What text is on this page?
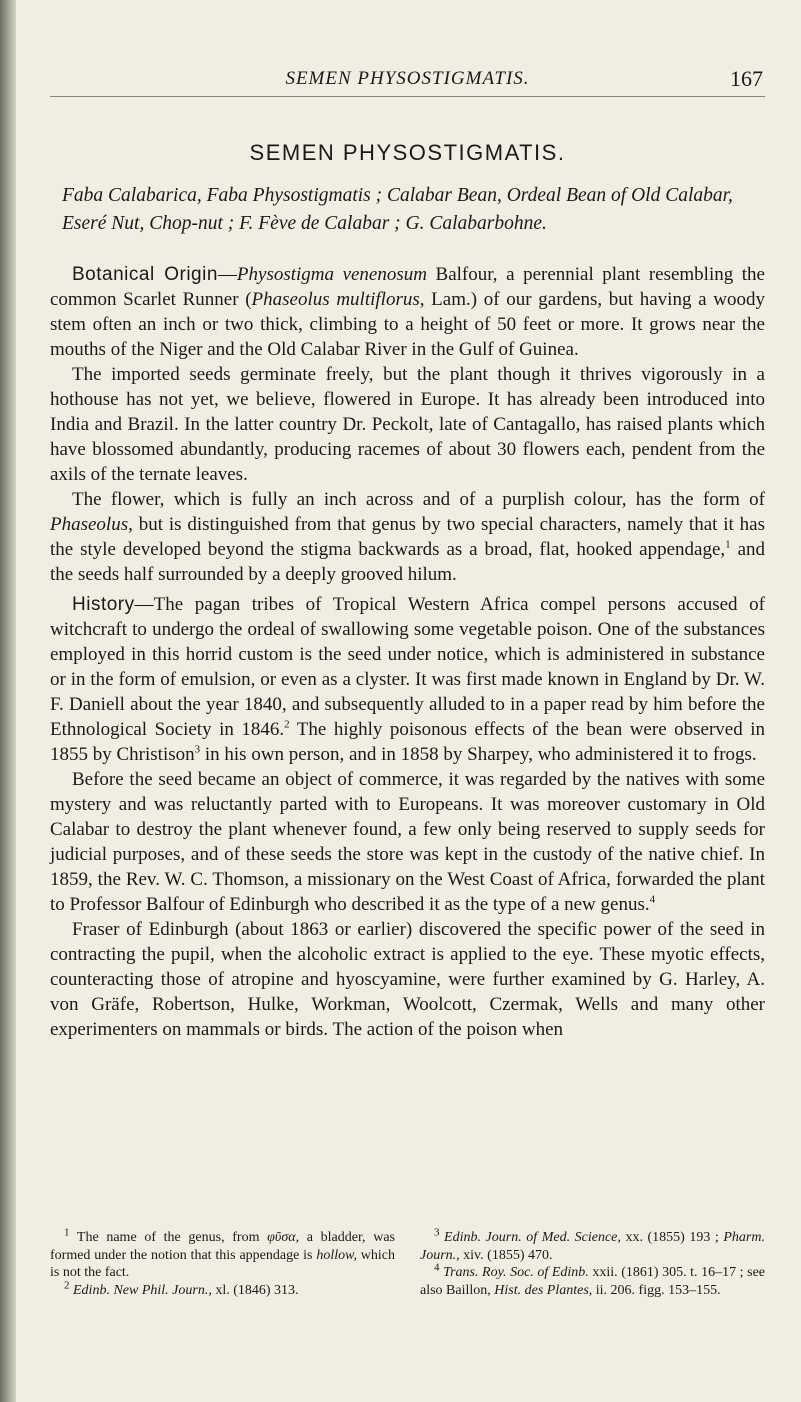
SEMEN PHYSOSTIGMATIS.	167
SEMEN PHYSOSTIGMATIS.
Faba Calabarica, Faba Physostigmatis ; Calabar Bean, Ordeal Bean of Old Calabar, Eseré Nut, Chop-nut ; F. Fève de Calabar ; G. Calabarbohne.

Botanical Origin—Physostigma venenosum Balfour, a perennial plant resembling the common Scarlet Runner (Phaseolus multiflorus, Lam.) of our gardens, but having a woody stem often an inch or two thick, climbing to a height of 50 feet or more. It grows near the mouths of the Niger and the Old Calabar River in the Gulf of Guinea.

The imported seeds germinate freely, but the plant though it thrives vigorously in a hothouse has not yet, we believe, flowered in Europe. It has already been introduced into India and Brazil. In the latter country Dr. Peckolt, late of Cantagallo, has raised plants which have blossomed abundantly, producing racemes of about 30 flowers each, pendent from the axils of the ternate leaves.

The flower, which is fully an inch across and of a purplish colour, has the form of Phaseolus, but is distinguished from that genus by two special characters, namely that it has the style developed beyond the stigma backwards as a broad, flat, hooked appendage,$^1$ and the seeds half surrounded by a deeply grooved hilum.

History—The pagan tribes of Tropical Western Africa compel persons accused of witchcraft to undergo the ordeal of swallowing some vegetable poison. One of the substances employed in this horrid custom is the seed under notice, which is administered in substance or in the form of emulsion, or even as a clyster. It was first made known in England by Dr. W. F. Daniell about the year 1840, and subsequently alluded to in a paper read by him before the Ethnological Society in 1846.$^2$ The highly poisonous effects of the bean were observed in 1855 by Christison$^3$ in his own person, and in 1858 by Sharpey, who administered it to frogs.

Before the seed became an object of commerce, it was regarded by the natives with some mystery and was reluctantly parted with to Europeans. It was moreover customary in Old Calabar to destroy the plant whenever found, a few only being reserved to supply seeds for judicial purposes, and of these seeds the store was kept in the custody of the native chief. In 1859, the Rev. W. C. Thomson, a missionary on the West Coast of Africa, forwarded the plant to Professor Balfour of Edinburgh who described it as the type of a new genus.$^4$

Fraser of Edinburgh (about 1863 or earlier) discovered the specific power of the seed in contracting the pupil, when the alcoholic extract is applied to the eye. These myotic effects, counteracting those of atropine and hyoscyamine, were further examined by G. Harley, A. von Gräfe, Robertson, Hulke, Workman, Woolcott, Czermak, Wells and many other experimenters on mammals or birds. The action of the poison when

$^1$ The name of the genus, from φῦσα, a bladder, was formed under the notion that this appendage is hollow, which is not the fact.

$^2$ Edinb. New Phil. Journ., xl. (1846) 313.

$^3$ Edinb. Journ. of Med. Science, xx. (1855) 193 ; Pharm. Journ., xiv. (1855) 470.

$^4$ Trans. Roy. Soc. of Edinb. xxii. (1861) 305. t. 16–17 ; see also Baillon, Hist. des Plantes, ii. 206. figg. 153–155.
